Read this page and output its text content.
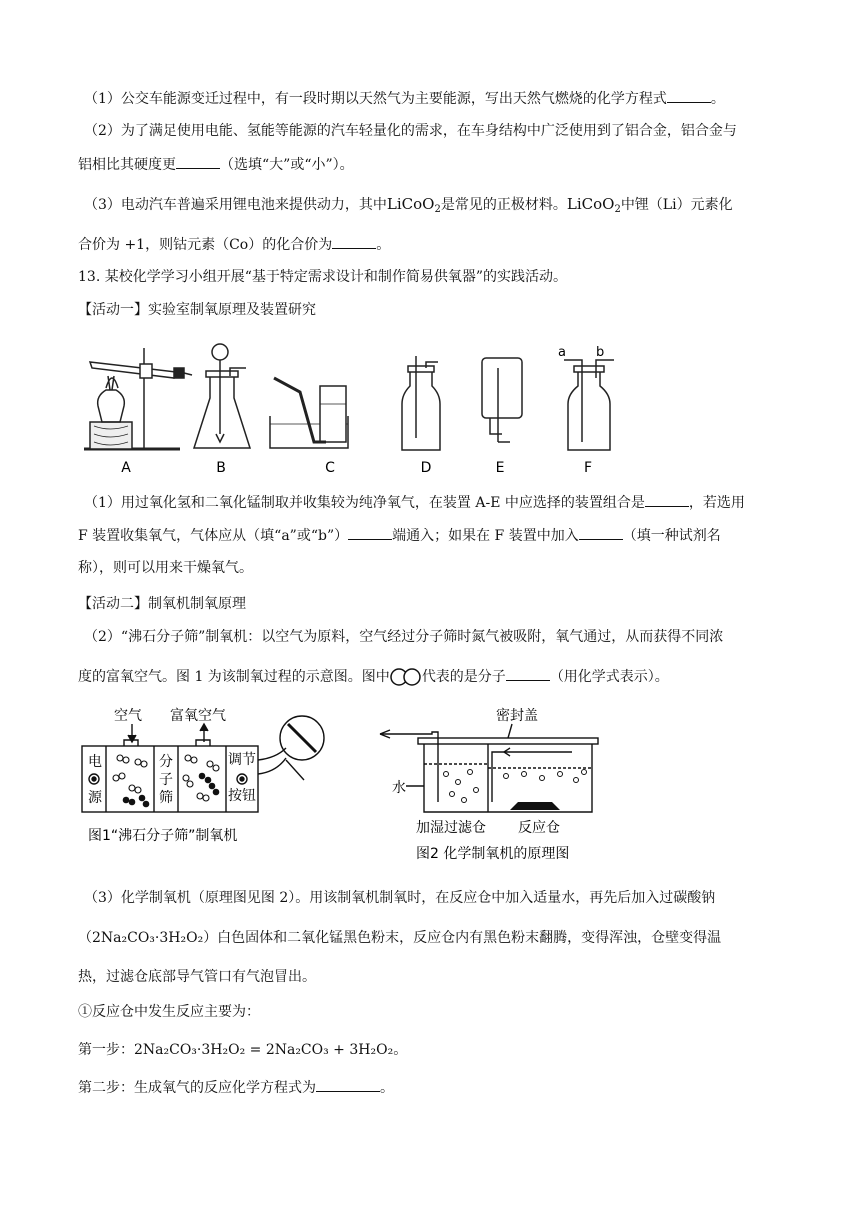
（1）公交车能源变迁过程中，有一段时期以天然气为主要能源，写出天然气燃烧的化学方程式	。
（2）为了满足使用电能、氢能等能源的汽车轻量化的需求，在车身结构中广泛使用到了铝合金，铝合金与
铝相比其硬度更	（选填“大”或“小”）。
（3）电动汽车普遍采用锂电池来提供动力，其中LiCoO$_2$是常见的正极材料。LiCoO$_2$中锂（Li）元素化
合价为 +1，则钴元素（Co）的化合价为	。
13. 某校化学学习小组开展“基于特定需求设计和制作简易供氧器”的实践活动。
【活动一】实验室制氧原理及装置研究
A	B	C	D	E	F
a b
（1）用过氧化氢和二氧化锰制取并收集较为纯净氧气，在装置 A-E 中应选择的装置组合是	，若选用
F 装置收集氧气，气体应从（填“a”或“b”）	端通入；如果在 F 装置中加入	（填一种试剂名
称），则可以用来干燥氧气。
【活动二】制氧机制氧原理
（2）“沸石分子筛”制氧机：以空气为原料，空气经过分子筛时氮气被吸附，氧气通过，从而获得不同浓
度的富氧空气。图 1 为该制氧过程的示意图。图中 代表的是分子	（用化学式表示）。
空气 富氧空气
电
源
分
子
筛
调节
按钮
图1“沸石分子筛”制氧机
密封盖
水
加湿过滤仓 反应仓
图2 化学制氧机的原理图
（3）化学制氧机（原理图见图 2）。用该制氧机制氧时，在反应仓中加入适量水，再先后加入过碳酸钠
（2Na₂CO₃·3H₂O₂）白色固体和二氧化锰黑色粉末，反应仓内有黑色粉末翻腾，变得浑浊，仓壁变得温
热，过滤仓底部导气管口有气泡冒出。
①反应仓中发生反应主要为：
第一步：2Na₂CO₃·3H₂O₂ = 2Na₂CO₃ + 3H₂O₂。
第二步：生成氧气的反应化学方程式为	。
